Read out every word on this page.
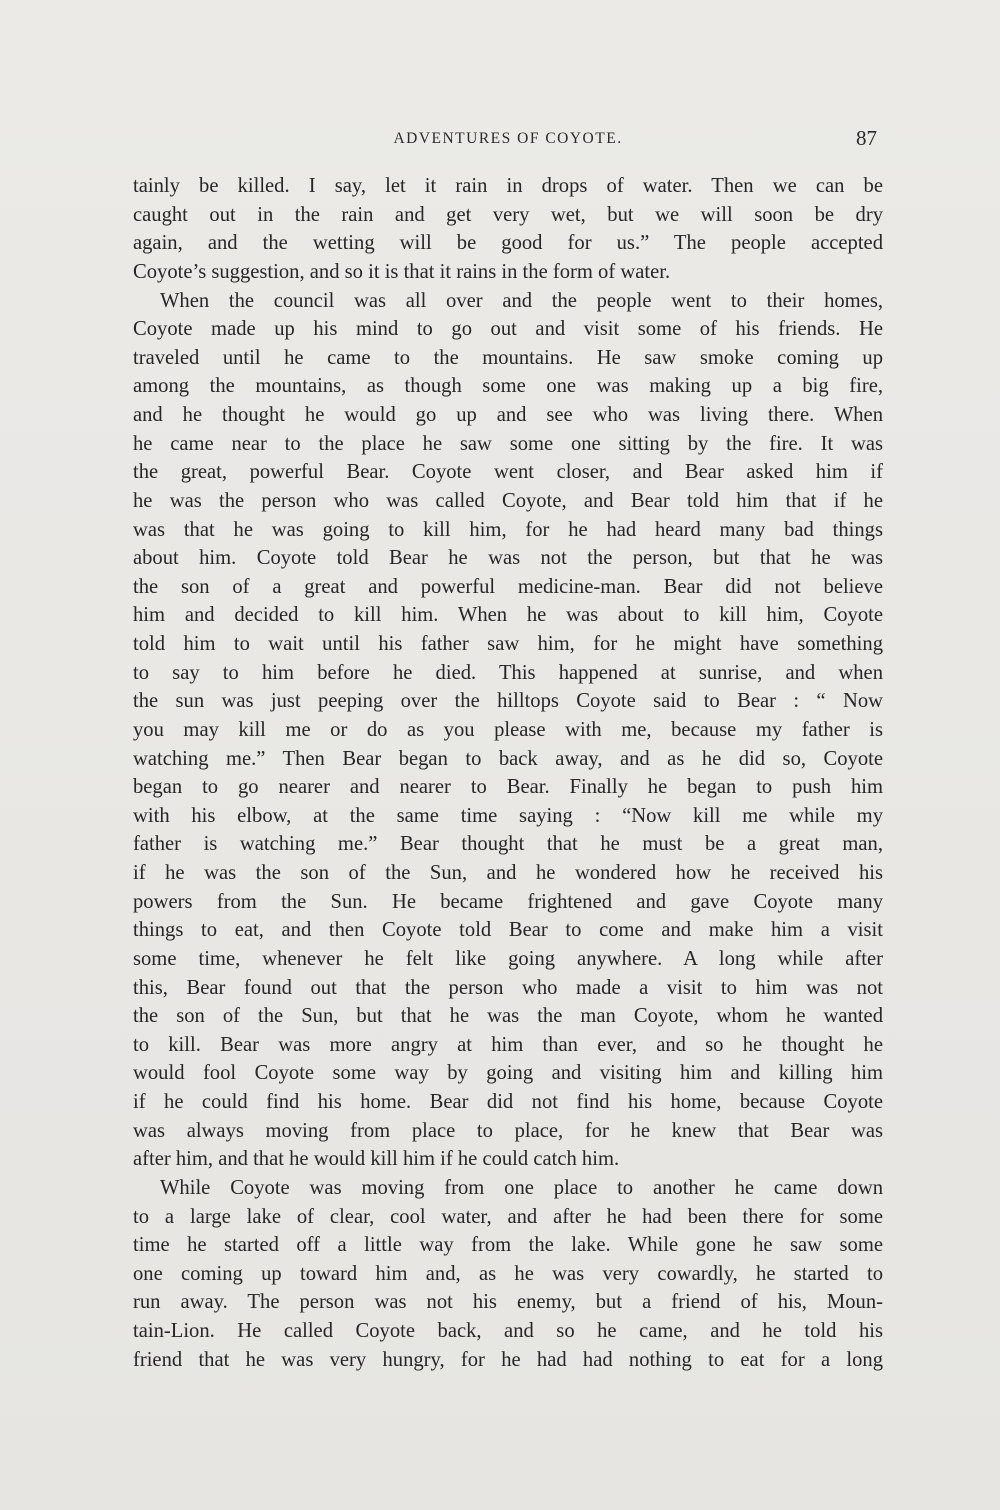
ADVENTURES OF COYOTE.	87
tainly be killed. I say, let it rain in drops of water. Then we can be
caught out in the rain and get very wet, but we will soon be dry
again, and the wetting will be good for us.” The people accepted
Coyote’s suggestion, and so it is that it rains in the form of water.
When the council was all over and the people went to their homes,
Coyote made up his mind to go out and visit some of his friends. He
traveled until he came to the mountains. He saw smoke coming up
among the mountains, as though some one was making up a big fire,
and he thought he would go up and see who was living there. When
he came near to the place he saw some one sitting by the fire. It was
the great, powerful Bear. Coyote went closer, and Bear asked him if
he was the person who was called Coyote, and Bear told him that if he
was that he was going to kill him, for he had heard many bad things
about him. Coyote told Bear he was not the person, but that he was
the son of a great and powerful medicine-man. Bear did not believe
him and decided to kill him. When he was about to kill him, Coyote
told him to wait until his father saw him, for he might have something
to say to him before he died. This happened at sunrise, and when
the sun was just peeping over the hilltops Coyote said to Bear : “ Now
you may kill me or do as you please with me, because my father is
watching me.” Then Bear began to back away, and as he did so, Coyote
began to go nearer and nearer to Bear. Finally he began to push him
with his elbow, at the same time saying : “Now kill me while my
father is watching me.” Bear thought that he must be a great man,
if he was the son of the Sun, and he wondered how he received his
powers from the Sun. He became frightened and gave Coyote many
things to eat, and then Coyote told Bear to come and make him a visit
some time, whenever he felt like going anywhere. A long while after
this, Bear found out that the person who made a visit to him was not
the son of the Sun, but that he was the man Coyote, whom he wanted
to kill. Bear was more angry at him than ever, and so he thought he
would fool Coyote some way by going and visiting him and killing him
if he could find his home. Bear did not find his home, because Coyote
was always moving from place to place, for he knew that Bear was
after him, and that he would kill him if he could catch him.
While Coyote was moving from one place to another he came down
to a large lake of clear, cool water, and after he had been there for some
time he started off a little way from the lake. While gone he saw some
one coming up toward him and, as he was very cowardly, he started to
run away. The person was not his enemy, but a friend of his, Moun-
tain-Lion. He called Coyote back, and so he came, and he told his
friend that he was very hungry, for he had had nothing to eat for a long
